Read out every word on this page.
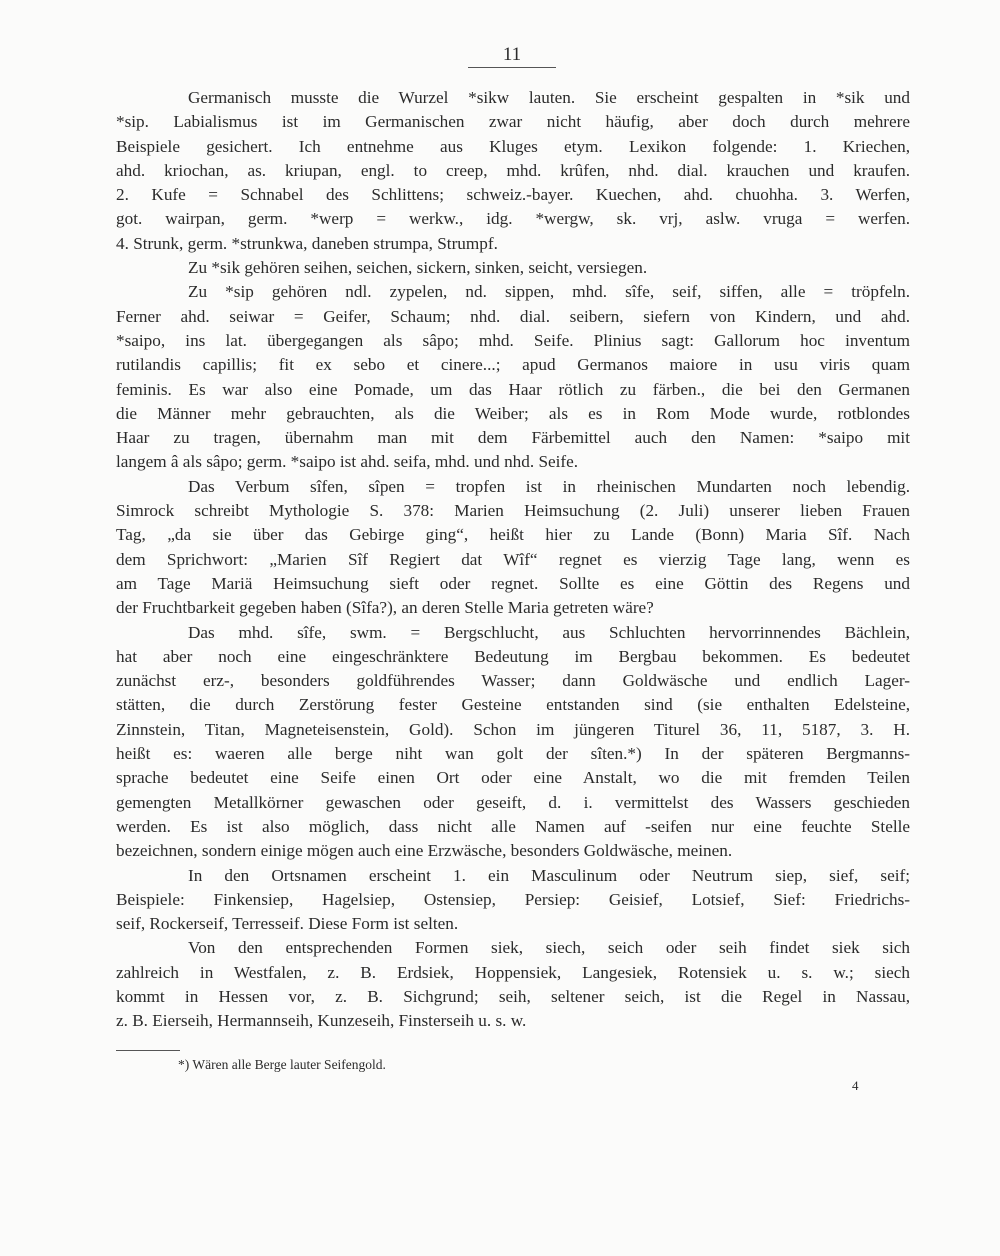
11
Germanisch musste die Wurzel *sikw lauten. Sie erscheint gespalten in *sik und
*sip. Labialismus ist im Germanischen zwar nicht häufig, aber doch durch mehrere
Beispiele gesichert. Ich entnehme aus Kluges etym. Lexikon folgende: 1. Kriechen,
ahd. kriochan, as. kriupan, engl. to creep, mhd. krûfen, nhd. dial. krauchen und kraufen.
2. Kufe = Schnabel des Schlittens; schweiz.-bayer. Kuechen, ahd. chuohha. 3. Werfen,
got. wairpan, germ. *werp = werkw., idg. *wergw, sk. vrj, aslw. vruga = werfen.
4. Strunk, germ. *strunkwa, daneben strumpa, Strumpf.
Zu *sik gehören seihen, seichen, sickern, sinken, seicht, versiegen.
Zu *sip gehören ndl. zypelen, nd. sippen, mhd. sîfe, seif, siffen, alle = tröpfeln.
Ferner ahd. seiwar = Geifer, Schaum; nhd. dial. seibern, siefern von Kindern, und ahd.
*saipo, ins lat. übergegangen als sâpo; mhd. Seife. Plinius sagt: Gallorum hoc inventum
rutilandis capillis; fit ex sebo et cinere...; apud Germanos maiore in usu viris quam
feminis. Es war also eine Pomade, um das Haar rötlich zu färben., die bei den Germanen
die Männer mehr gebrauchten, als die Weiber; als es in Rom Mode wurde, rotblondes
Haar zu tragen, übernahm man mit dem Färbemittel auch den Namen: *saipo mit
langem â als sâpo; germ. *saipo ist ahd. seifa, mhd. und nhd. Seife.
Das Verbum sîfen, sîpen = tropfen ist in rheinischen Mundarten noch lebendig.
Simrock schreibt Mythologie S. 378: Marien Heimsuchung (2. Juli) unserer lieben Frauen
Tag, „da sie über das Gebirge ging“, heißt hier zu Lande (Bonn) Maria Sîf. Nach
dem Sprichwort: „Marien Sîf Regiert dat Wîf“ regnet es vierzig Tage lang, wenn es
am Tage Mariä Heimsuchung sieft oder regnet. Sollte es eine Göttin des Regens und
der Fruchtbarkeit gegeben haben (Sîfa?), an deren Stelle Maria getreten wäre?
Das mhd. sîfe, swm. = Bergschlucht, aus Schluchten hervorrinnendes Bächlein,
hat aber noch eine eingeschränktere Bedeutung im Bergbau bekommen. Es bedeutet
zunächst erz-, besonders goldführendes Wasser; dann Goldwäsche und endlich Lager-
stätten, die durch Zerstörung fester Gesteine entstanden sind (sie enthalten Edelsteine,
Zinnstein, Titan, Magneteisenstein, Gold). Schon im jüngeren Titurel 36, 11, 5187, 3. H.
heißt es: waeren alle berge niht wan golt der sîten.*) In der späteren Bergmanns-
sprache bedeutet eine Seife einen Ort oder eine Anstalt, wo die mit fremden Teilen
gemengten Metallkörner gewaschen oder geseift, d. i. vermittelst des Wassers geschieden
werden. Es ist also möglich, dass nicht alle Namen auf -seifen nur eine feuchte Stelle
bezeichnen, sondern einige mögen auch eine Erzwäsche, besonders Goldwäsche, meinen.
In den Ortsnamen erscheint 1. ein Masculinum oder Neutrum siep, sief, seif;
Beispiele: Finkensiep, Hagelsiep, Ostensiep, Persiep: Geisief, Lotsief, Sief: Friedrichs-
seif, Rockerseif, Terresseif. Diese Form ist selten.
Von den entsprechenden Formen siek, siech, seich oder seih findet siek sich
zahlreich in Westfalen, z. B. Erdsiek, Hoppensiek, Langesiek, Rotensiek u. s. w.; siech
kommt in Hessen vor, z. B. Sichgrund; seih, seltener seich, ist die Regel in Nassau,
z. B. Eierseih, Hermannseih, Kunzeseih, Finsterseih u. s. w.
*) Wären alle Berge lauter Seifengold.
4
